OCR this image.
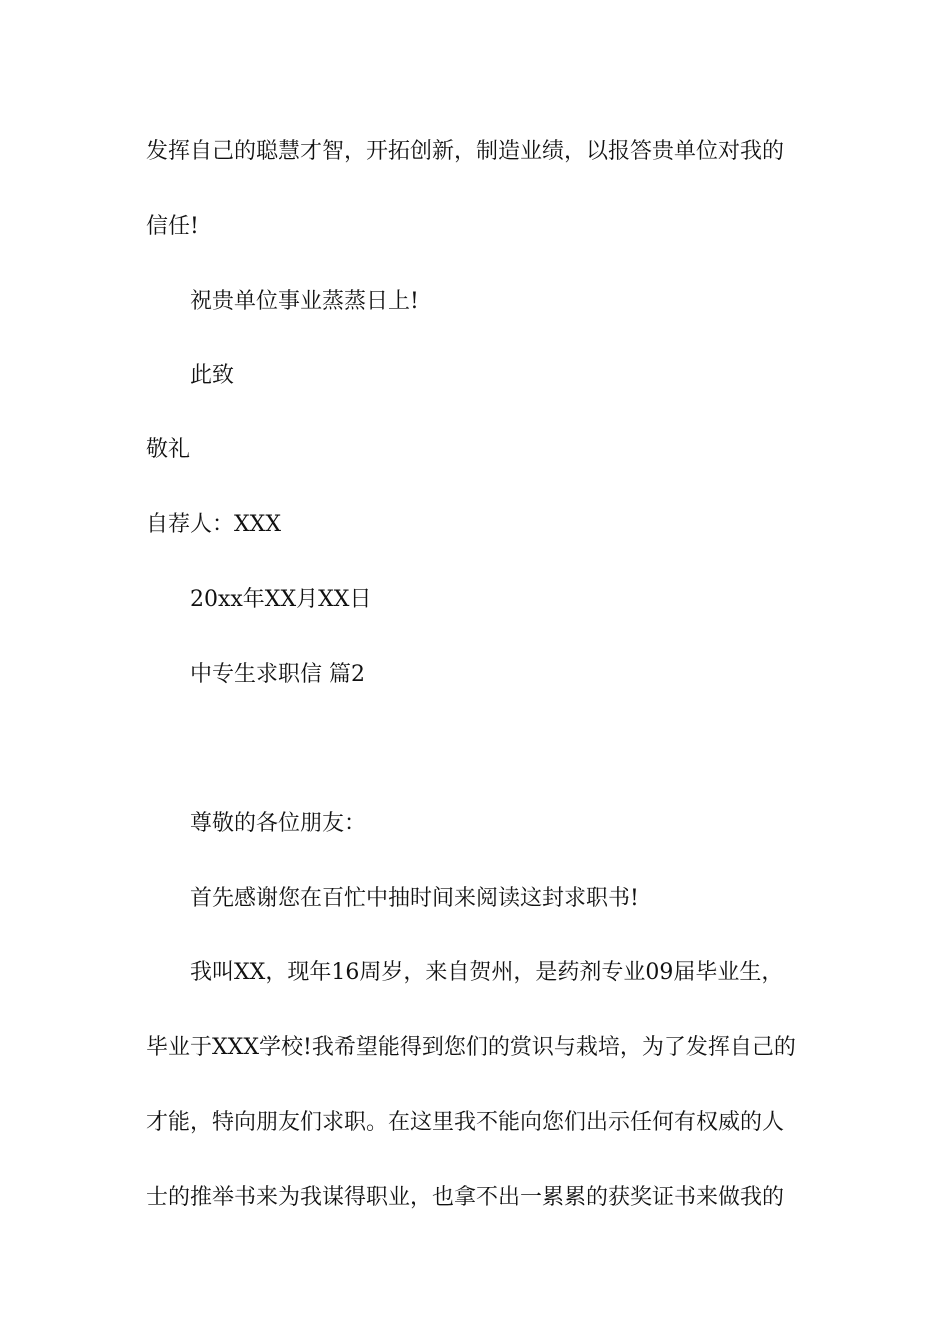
发挥自己的聪慧才智，开拓创新，制造业绩，以报答贵单位对我的

信任!

祝贵单位事业蒸蒸日上!

此致

敬礼

自荐人：XXX

20xx年XX月XX日

中专生求职信 篇2

尊敬的各位朋友：

首先感谢您在百忙中抽时间来阅读这封求职书!

我叫XX，现年16周岁，来自贺州，是药剂专业09届毕业生，

毕业于XXX学校!我希望能得到您们的赏识与栽培，为了发挥自己的

才能，特向朋友们求职。在这里我不能向您们出示任何有权威的人

士的推举书来为我谋得职业，也拿不出一累累的获奖证书来做我的
